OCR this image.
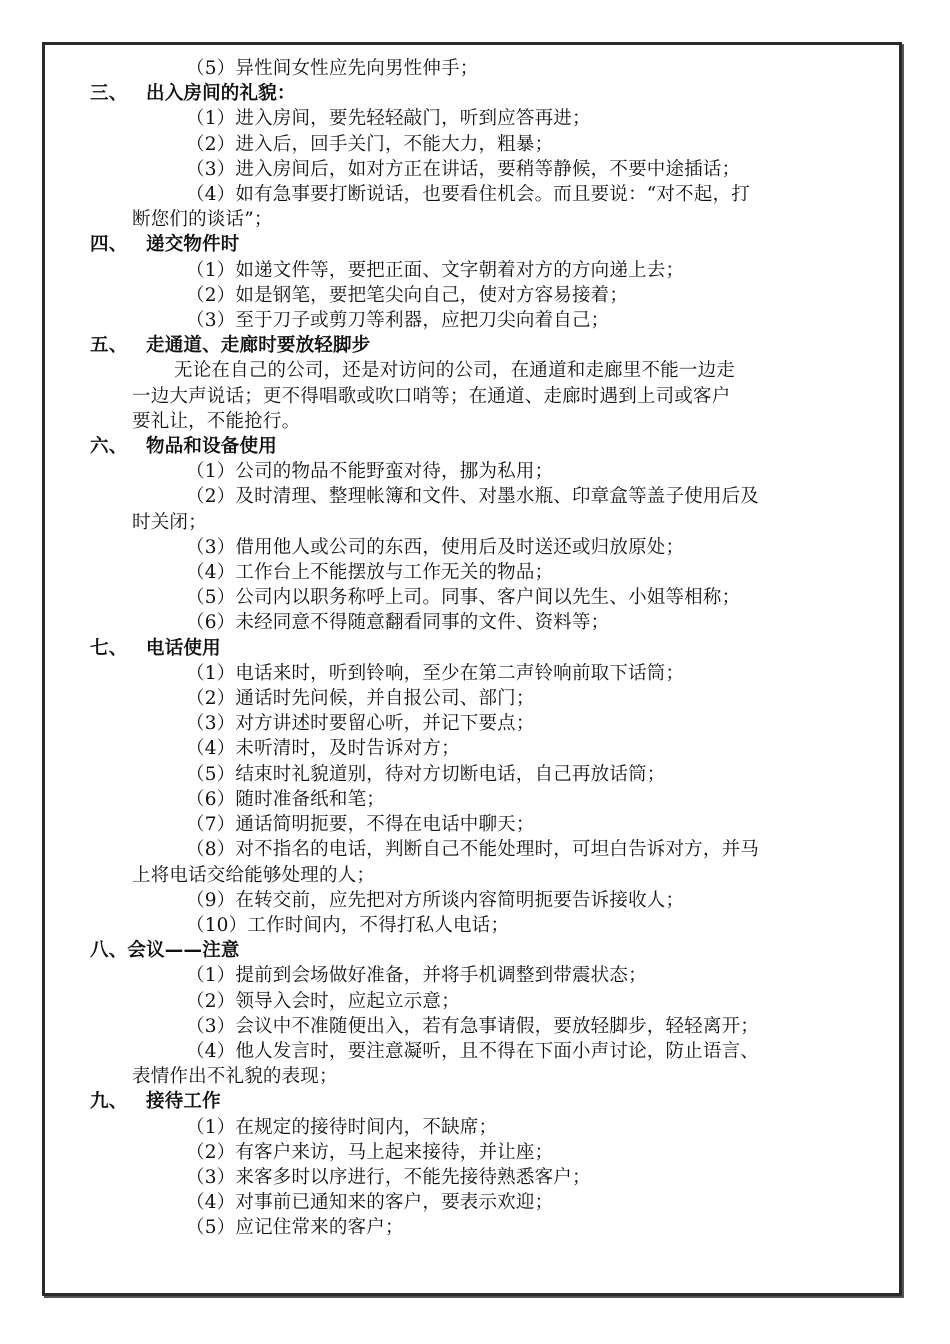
（5）异性间女性应先向男性伸手；
三、 出入房间的礼貌：
（1）进入房间，要先轻轻敲门，听到应答再进；
（2）进入后，回手关门，不能大力，粗暴；
（3）进入房间后，如对方正在讲话，要稍等静候，不要中途插话；
（4）如有急事要打断说话，也要看住机会。而且要说：“对不起，打
断您们的谈话”；
四、 递交物件时
（1）如递文件等，要把正面、文字朝着对方的方向递上去；
（2）如是钢笔，要把笔尖向自己，使对方容易接着；
（3）至于刀子或剪刀等利器，应把刀尖向着自己；
五、 走通道、走廊时要放轻脚步
无论在自己的公司，还是对访问的公司，在通道和走廊里不能一边走
一边大声说话；更不得唱歌或吹口哨等；在通道、走廊时遇到上司或客户
要礼让，不能抢行。
六、 物品和设备使用
（1）公司的物品不能野蛮对待，挪为私用；
（2）及时清理、整理帐簿和文件、对墨水瓶、印章盒等盖子使用后及
时关闭；
（3）借用他人或公司的东西，使用后及时送还或归放原处；
（4）工作台上不能摆放与工作无关的物品；
（5）公司内以职务称呼上司。同事、客户间以先生、小姐等相称；
（6）未经同意不得随意翻看同事的文件、资料等；
七、 电话使用
（1）电话来时，听到铃响，至少在第二声铃响前取下话筒；
（2）通话时先问候，并自报公司、部门；
（3）对方讲述时要留心听，并记下要点；
（4）未听清时，及时告诉对方；
（5）结束时礼貌道别，待对方切断电话，自己再放话筒；
（6）随时准备纸和笔；
（7）通话简明扼要，不得在电话中聊天；
（8）对不指名的电话，判断自己不能处理时，可坦白告诉对方，并马
上将电话交给能够处理的人；
（9）在转交前，应先把对方所谈内容简明扼要告诉接收人；
（10）工作时间内，不得打私人电话；
八、会议——注意
（1）提前到会场做好准备，并将手机调整到带震状态；
（2）领导入会时，应起立示意；
（3）会议中不准随便出入，若有急事请假，要放轻脚步，轻轻离开；
（4）他人发言时，要注意凝听，且不得在下面小声讨论，防止语言、
表情作出不礼貌的表现；
九、 接待工作
（1）在规定的接待时间内，不缺席；
（2）有客户来访，马上起来接待，并让座；
（3）来客多时以序进行，不能先接待熟悉客户；
（4）对事前已通知来的客户，要表示欢迎；
（5）应记住常来的客户；
